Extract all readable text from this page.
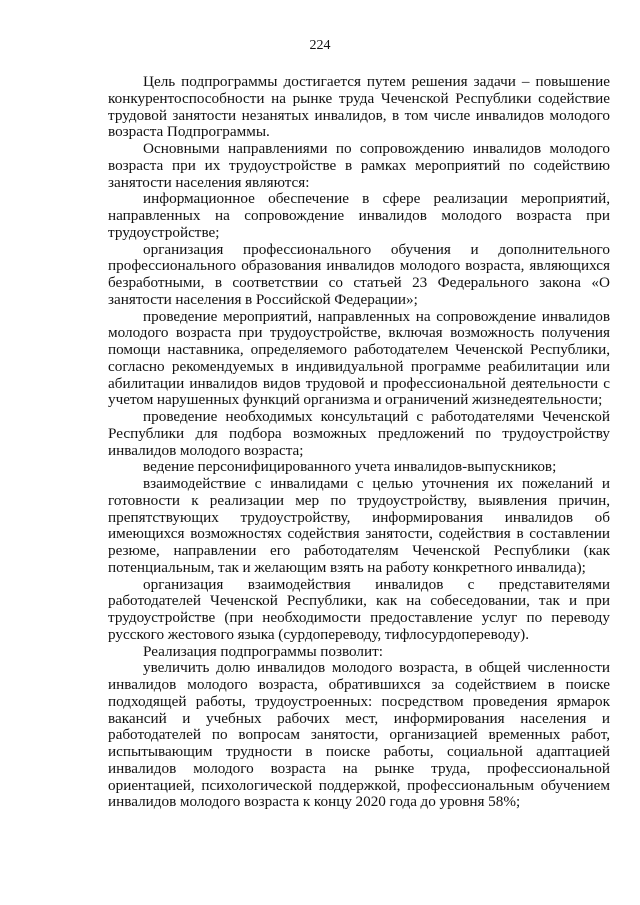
224

Цель подпрограммы достигается путем решения задачи – повышение конкурентоспособности на рынке труда Чеченской Республики содействие трудовой занятости незанятых инвалидов, в том числе инвалидов молодого возраста Подпрограммы.

Основными направлениями по сопровождению инвалидов молодого возраста при их трудоустройстве в рамках мероприятий по содействию занятости населения являются:

информационное обеспечение в сфере реализации мероприятий, направленных на сопровождение инвалидов молодого возраста при трудоустройстве;

организация профессионального обучения и дополнительного профессионального образования инвалидов молодого возраста, являющихся безработными, в соответствии со статьей 23 Федерального закона «О занятости населения в Российской Федерации»;

проведение мероприятий, направленных на сопровождение инвалидов молодого возраста при трудоустройстве, включая возможность получения помощи наставника, определяемого работодателем Чеченской Республики, согласно рекомендуемых в индивидуальной программе реабилитации или абилитации инвалидов видов трудовой и профессиональной деятельности с учетом нарушенных функций организма и ограничений жизнедеятельности;

проведение необходимых консультаций с работодателями Чеченской Республики для подбора возможных предложений по трудоустройству инвалидов молодого возраста;

ведение персонифицированного учета инвалидов-выпускников;

взаимодействие с инвалидами с целью уточнения их пожеланий и готовности к реализации мер по трудоустройству, выявления причин, препятствующих трудоустройству, информирования инвалидов об имеющихся возможностях содействия занятости, содействия в составлении резюме, направлении его работодателям Чеченской Республики (как потенциальным, так и желающим взять на работу конкретного инвалида);

организация взаимодействия инвалидов с представителями работодателей Чеченской Республики, как на собеседовании, так и при трудоустройстве (при необходимости предоставление услуг по переводу русского жестового языка (сурдопереводу, тифлосурдопереводу).

Реализация подпрограммы позволит:

увеличить долю инвалидов молодого возраста, в общей численности инвалидов молодого возраста, обратившихся за содействием в поиске подходящей работы, трудоустроенных: посредством проведения ярмарок вакансий и учебных рабочих мест, информирования населения и работодателей по вопросам занятости, организацией временных работ, испытывающим трудности в поиске работы, социальной адаптацией инвалидов молодого возраста на рынке труда, профессиональной ориентацией, психологической поддержкой, профессиональным обучением инвалидов молодого возраста к концу 2020 года до уровня 58%;
